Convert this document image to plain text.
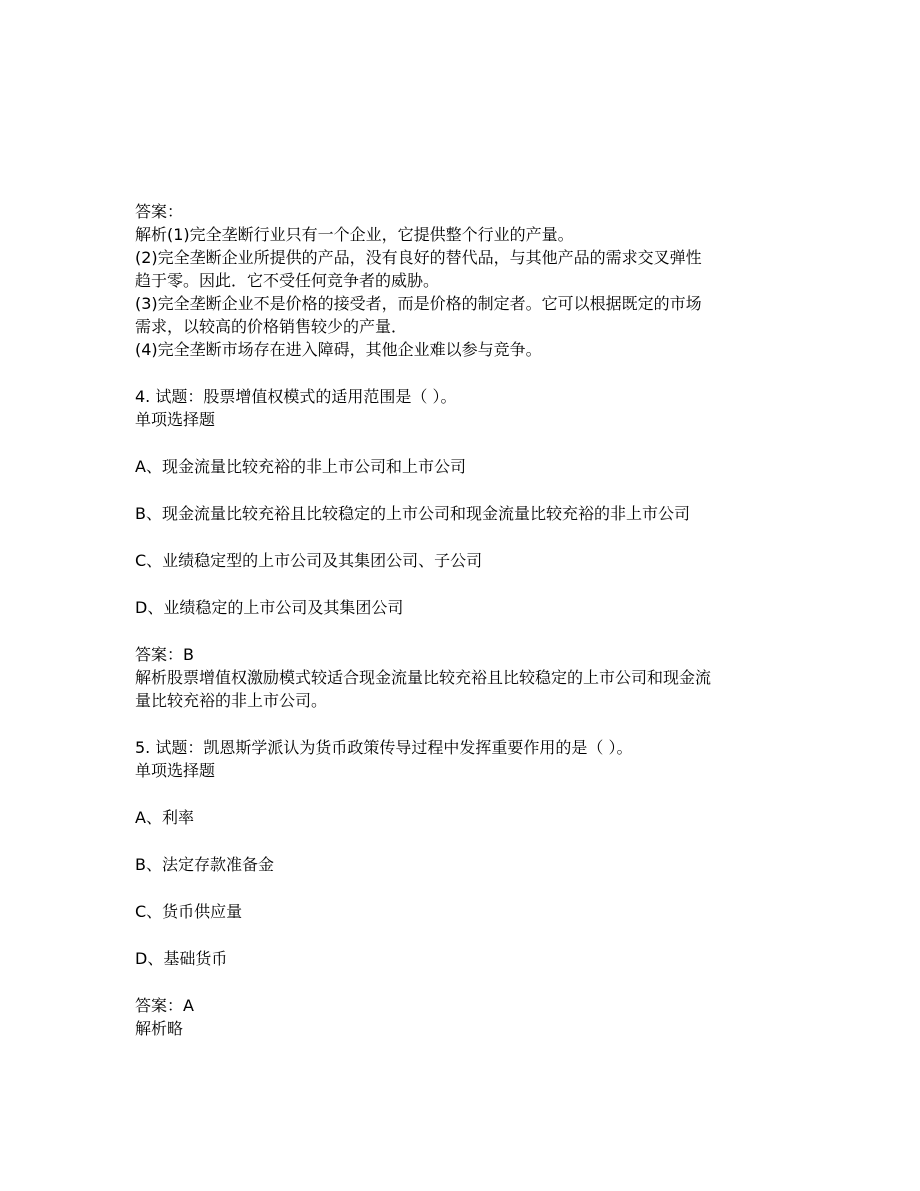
答案：
解析(1)完全垄断行业只有一个企业，它提供整个行业的产量。
(2)完全垄断企业所提供的产品，没有良好的替代品，与其他产品的需求交叉弹性
趋于零。因此．它不受任何竞争者的威胁。
(3)完全垄断企业不是价格的接受者，而是价格的制定者。它可以根据既定的市场
需求，以较高的价格销售较少的产量．
(4)完全垄断市场存在进入障碍，其他企业难以参与竞争。
4. 试题：股票增值权模式的适用范围是（ ）。
单项选择题
A、现金流量比较充裕的非上市公司和上市公司
B、现金流量比较充裕且比较稳定的上市公司和现金流量比较充裕的非上市公司
C、业绩稳定型的上市公司及其集团公司、子公司
D、业绩稳定的上市公司及其集团公司
答案：B
解析股票增值权激励模式较适合现金流量比较充裕且比较稳定的上市公司和现金流
量比较充裕的非上市公司。
5. 试题：凯恩斯学派认为货币政策传导过程中发挥重要作用的是（ ）。
单项选择题
A、利率
B、法定存款准备金
C、货币供应量
D、基础货币
答案：A
解析略
